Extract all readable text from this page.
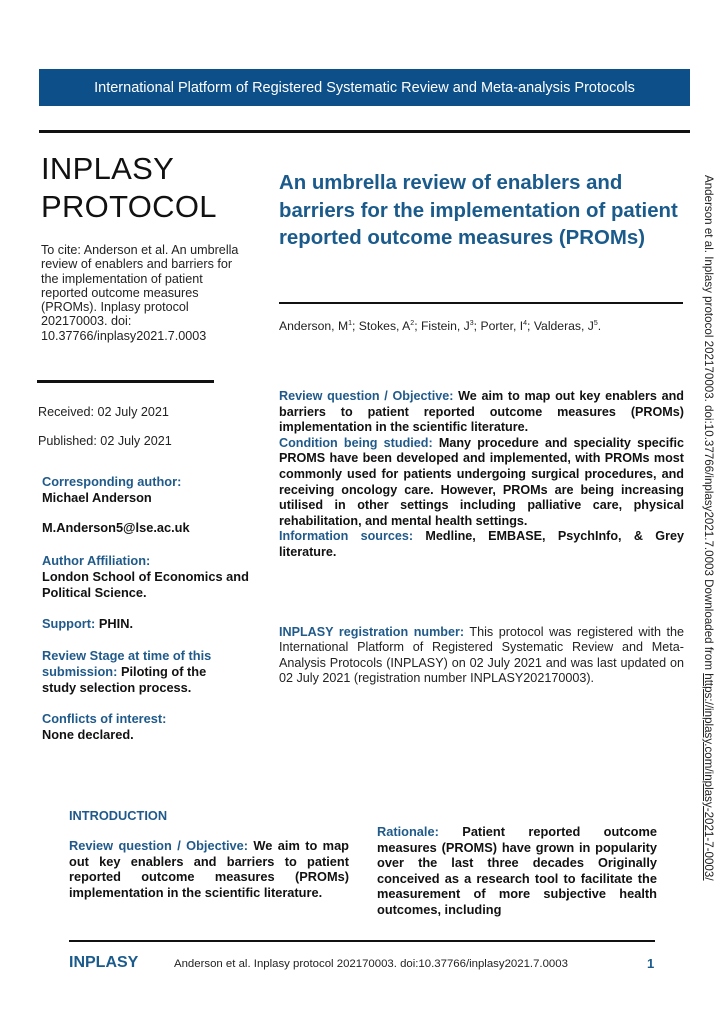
International Platform of Registered Systematic Review and Meta-analysis Protocols
INPLASY
PROTOCOL
To cite: Anderson et al. An umbrella review of enablers and barriers for the implementation of patient reported outcome measures (PROMs). Inplasy protocol 202170003. doi: 10.37766/inplasy2021.7.0003
Received: 02 July 2021
Published: 02 July 2021
Corresponding author:
Michael Anderson
M.Anderson5@lse.ac.uk
Author Affiliation:
London School of Economics and Political Science.
Support: PHIN.
Review Stage at time of this submission: Piloting of the study selection process.
Conflicts of interest:
None declared.
An umbrella review of enablers and barriers for the implementation of patient reported outcome measures (PROMs)
Anderson, $M^1$; Stokes, $A^2$; Fistein, $J^3$; Porter, $I^4$; Valderas, $J^5$.

Review question / Objective: We aim to map out key enablers and barriers to patient reported outcome measures (PROMs) implementation in the scientific literature.

Condition being studied: Many procedure and speciality specific PROMS have been developed and implemented, with PROMs most commonly used for patients undergoing surgical procedures, and receiving oncology care. However, PROMs are being increasing utilised in other settings including palliative care, physical rehabilitation, and mental health settings.

Information sources: Medline, EMBASE, PsychInfo, & Grey literature.

INPLASY registration number: This protocol was registered with the International Platform of Registered Systematic Review and Meta-Analysis Protocols (INPLASY) on 02 July 2021 and was last updated on 02 July 2021 (registration number INPLASY202170003).
INTRODUCTION
Review question / Objective: We aim to map out key enablers and barriers to patient reported outcome measures (PROMs) implementation in the scientific literature.
Rationale: Patient reported outcome measures (PROMS) have grown in popularity over the last three decades Originally conceived as a research tool to facilitate the measurement of more subjective health outcomes, including
INPLASY	Anderson et al. Inplasy protocol 202170003. doi:10.37766/inplasy2021.7.0003	1
Anderson et al. Inplasy protocol 202170003. doi:10.37766/inplasy2021.7.0003 Downloaded from https://inplasy.com/inplasy-2021-7-0003/
